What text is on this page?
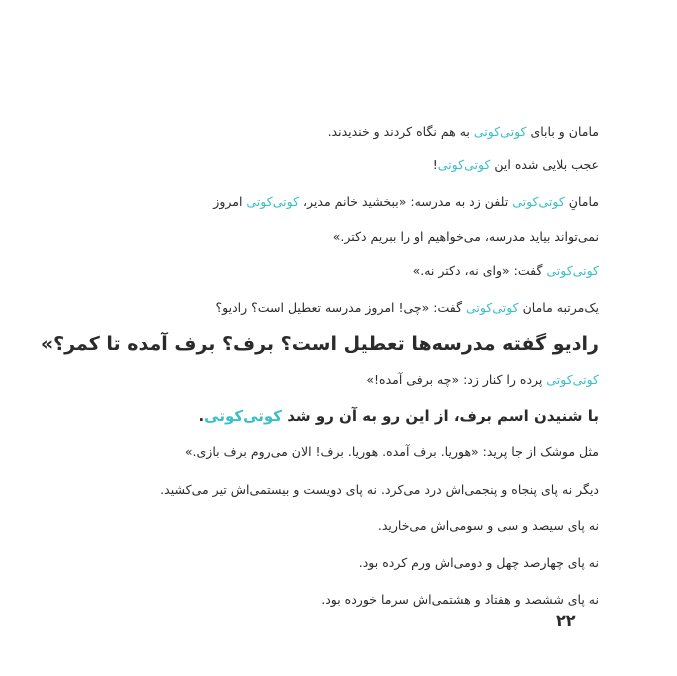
مامان و بابای کوتی‌کوتی به هم نگاه کردند و خندیدند.
عجب بلایی شده این کوتی‌کوتی!
مامانِ کوتی‌کوتی تلفن زد به مدرسه: «ببخشید خانم مدیر، کوتی‌کوتی امروز
نمی‌تواند بیاید مدرسه، می‌خواهیم او را ببریم دکتر.»
کوتی‌کوتی گفت: «وای نه، دکتر نه.»
یک‌مرتبه مامان کوتی‌کوتی گفت: «چی! امروز مدرسه تعطیل است؟ رادیو؟
رادیو گفته مدرسه‌ها تعطیل است؟ برف؟ برف آمده تا کمر؟»
کوتی‌کوتی پرده را کنار زد: «چه برفی آمده!»
با شنیدن اسم برف، از این رو به آن رو شد کوتی‌کوتی.
مثل موشک از جا پرید: «هوریا. برف آمده. هوریا. برف! الان می‌روم برف بازی.»
دیگر نه پای پنجاه و پنجمی‌اش درد می‌کرد. نه پای دویست و بیستمی‌اش تیر می‌کشید.
نه پای سیصد و سی و سومی‌اش می‌خارید.
نه پای چهارصد چهل و دومی‌اش ورم کرده بود.
نه پای ششصد و هفتاد و هشتمی‌اش سرما خورده بود.
۲۲
